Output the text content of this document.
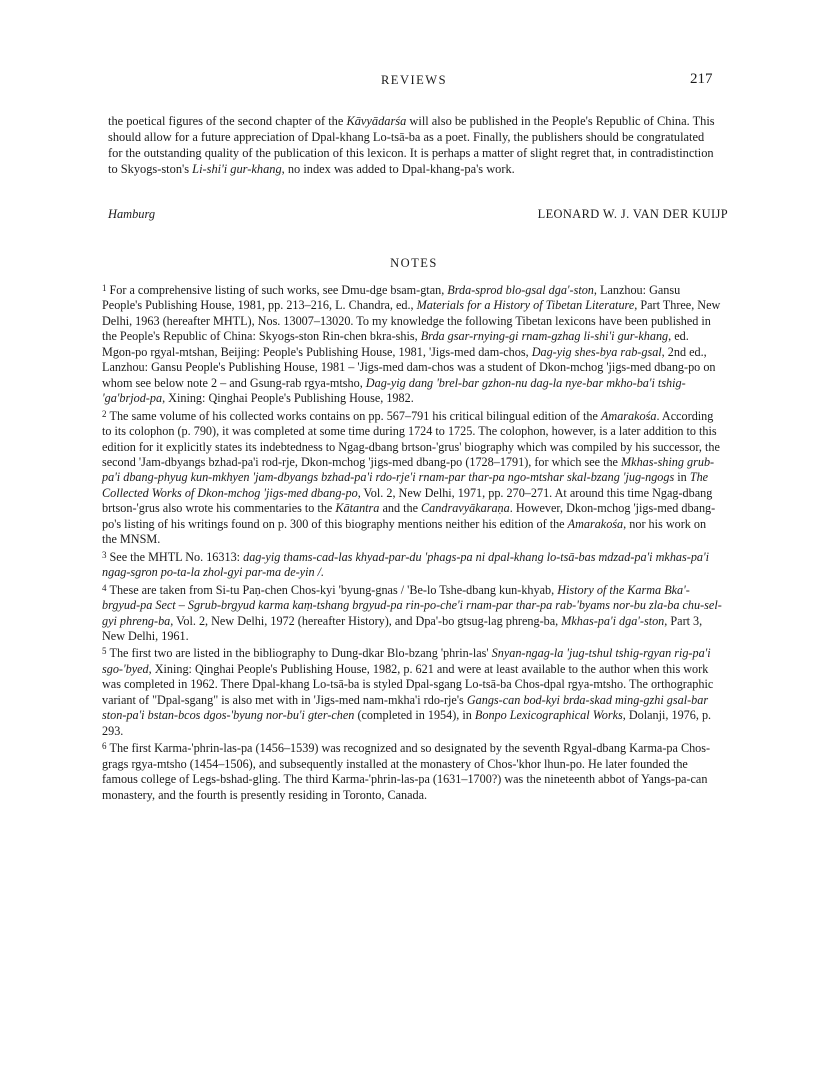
REVIEWS	217

the poetical figures of the second chapter of the Kāvyādarśa will also be published in the People's Republic of China. This should allow for a future appreciation of Dpal-khang Lo-tsā-ba as a poet. Finally, the publishers should be congratulated for the outstanding quality of the publication of this lexicon. It is perhaps a matter of slight regret that, in contradistinction to Skyogs-ston's Li-shi'i gur-khang, no index was added to Dpal-khang-pa's work.

Hamburg	LEONARD W. J. VAN DER KUIJP
NOTES

$^1$ For a comprehensive listing of such works, see Dmu-dge bsam-gtan, Brda-sprod blo-gsal dga'-ston, Lanzhou: Gansu People's Publishing House, 1981, pp. 213–216, L. Chandra, ed., Materials for a History of Tibetan Literature, Part Three, New Delhi, 1963 (hereafter MHTL), Nos. 13007–13020. To my knowledge the following Tibetan lexicons have been published in the People's Republic of China: Skyogs-ston Rin-chen bkra-shis, Brda gsar-rnying-gi rnam-gzhag li-shi'i gur-khang, ed. Mgon-po rgyal-mtshan, Beijing: People's Publishing House, 1981, 'Jigs-med dam-chos, Dag-yig shes-bya rab-gsal, 2nd ed., Lanzhou: Gansu People's Publishing House, 1981 – 'Jigs-med dam-chos was a student of Dkon-mchog 'jigs-med dbang-po on whom see below note 2 – and Gsung-rab rgya-mtsho, Dag-yig dang 'brel-bar gzhon-nu dag-la nye-bar mkho-ba'i tshig-'ga'brjod-pa, Xining: Qinghai People's Publishing House, 1982.

$^2$ The same volume of his collected works contains on pp. 567–791 his critical bilingual edition of the Amarakośa. According to its colophon (p. 790), it was completed at some time during 1724 to 1725. The colophon, however, is a later addition to this edition for it explicitly states its indebtedness to Ngag-dbang brtson-'grus' biography which was compiled by his successor, the second 'Jam-dbyangs bzhad-pa'i rod-rje, Dkon-mchog 'jigs-med dbang-po (1728–1791), for which see the Mkhas-shing grub-pa'i dbang-phyug kun-mkhyen 'jam-dbyangs bzhad-pa'i rdo-rje'i rnam-par thar-pa ngo-mtshar skal-bzang 'jug-ngogs in The Collected Works of Dkon-mchog 'jigs-med dbang-po, Vol. 2, New Delhi, 1971, pp. 270–271. At around this time Ngag-dbang brtson-'grus also wrote his commentaries to the Kātantra and the Candravyākaraṇa. However, Dkon-mchog 'jigs-med dbang-po's listing of his writings found on p. 300 of this biography mentions neither his edition of the Amarakośa, nor his work on the MNSM.

$^3$ See the MHTL No. 16313: dag-yig thams-cad-las khyad-par-du 'phags-pa ni dpal-khang lo-tsā-bas mdzad-pa'i mkhas-pa'i ngag-sgron po-ta-la zhol-gyi par-ma de-yin /.

$^4$ These are taken from Si-tu Paṇ-chen Chos-kyi 'byung-gnas / 'Be-lo Tshe-dbang kun-khyab, History of the Karma Bka'-brgyud-pa Sect – Sgrub-brgyud karma kaṃ-tshang brgyud-pa rin-po-che'i rnam-par thar-pa rab-'byams nor-bu zla-ba chu-sel-gyi phreng-ba, Vol. 2, New Delhi, 1972 (hereafter History), and Dpa'-bo gtsug-lag phreng-ba, Mkhas-pa'i dga'-ston, Part 3, New Delhi, 1961.

$^5$ The first two are listed in the bibliography to Dung-dkar Blo-bzang 'phrin-las' Snyan-ngag-la 'jug-tshul tshig-rgyan rig-pa'i sgo-'byed, Xining: Qinghai People's Publishing House, 1982, p. 621 and were at least available to the author when this work was completed in 1962. There Dpal-khang Lo-tsā-ba is styled Dpal-sgang Lo-tsā-ba Chos-dpal rgya-mtsho. The orthographic variant of "Dpal-sgang" is also met with in 'Jigs-med nam-mkha'i rdo-rje's Gangs-can bod-kyi brda-skad ming-gzhi gsal-bar ston-pa'i bstan-bcos dgos-'byung nor-bu'i gter-chen (completed in 1954), in Bonpo Lexicographical Works, Dolanji, 1976, p. 293.

$^6$ The first Karma-'phrin-las-pa (1456–1539) was recognized and so designated by the seventh Rgyal-dbang Karma-pa Chos-grags rgya-mtsho (1454–1506), and subsequently installed at the monastery of Chos-'khor lhun-po. He later founded the famous college of Legs-bshad-gling. The third Karma-'phrin-las-pa (1631–1700?) was the nineteenth abbot of Yangs-pa-can monastery, and the fourth is presently residing in Toronto, Canada.
